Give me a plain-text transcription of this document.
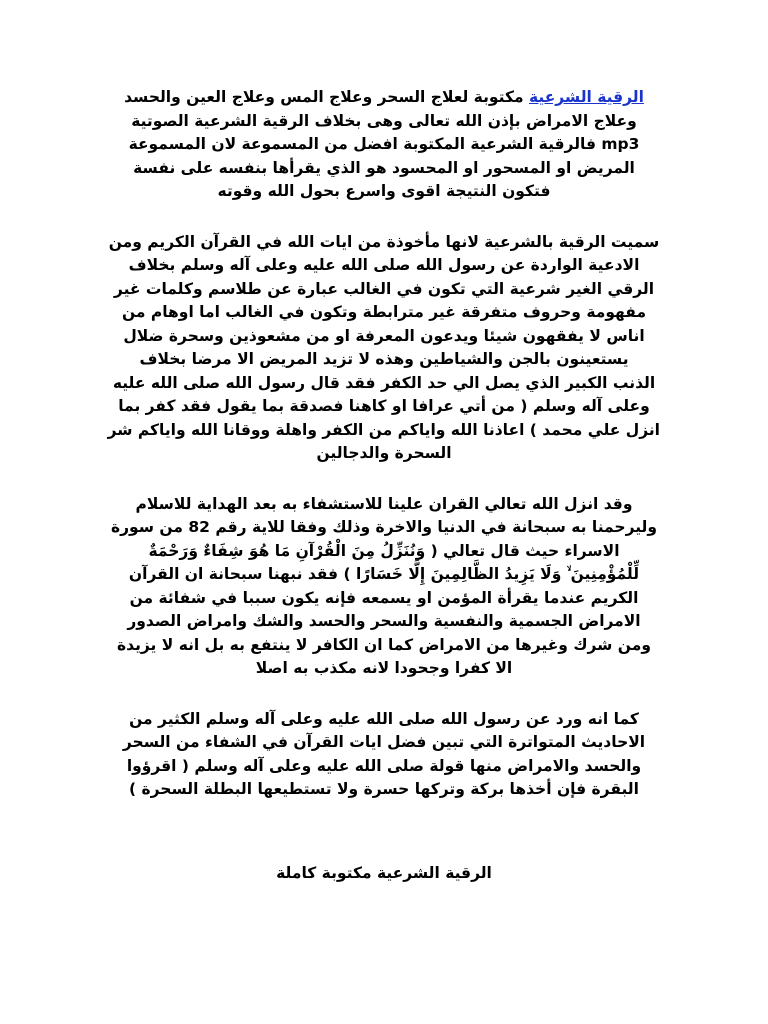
الرقية الشرعية مكتوبة لعلاج السحر وعلاج المس وعلاج العين والحسد
وعلاج الامراض بإذن الله تعالى وهى بخلاف الرقية الشرعية الصوتية
mp3 فالرقية الشرعية المكتوبة افضل من المسموعة لان المسموعة
المريض او المسحور او المحسود هو الذي يقرأها بنفسه على نفسة
فتكون النتيجة اقوى واسرع بحول الله وقوته

سميت الرقية بالشرعية لانها مأخوذة من ايات الله في القرآن الكريم ومن
الادعية الواردة عن رسول الله صلى الله عليه وعلى آله وسلم بخلاف
الرقي الغير شرعية التي تكون في الغالب عبارة عن طلاسم وكلمات غير
مفهومة وحروف متفرقة غير مترابطة وتكون في الغالب اما اوهام من
اناس لا يفقهون شيئا ويدعون المعرفة او من مشعوذين وسحرة ضلال
يستعينون بالجن والشياطين وهذه لا تزيد المريض الا مرضا بخلاف
الذنب الكبير الذي يصل الي حد الكفر فقد قال رسول الله صلى الله عليه
وعلى آله وسلم ( من أتي عرافا او كاهنا فصدقة بما يقول فقد كفر بما
انزل علي محمد ) اعاذنا الله واياكم من الكفر واهلة ووقانا الله واياكم شر
السحرة والدجالين

وقد انزل الله تعالي القران علينا للاستشفاء به بعد الهداية للاسلام
وليرحمنا به سبحانة في الدنيا والاخرة وذلك وفقا للاية رقم 82 من سورة
الاسراء حيث قال تعالي ( وَنُنَزِّلُ مِنَ الْقُرْآنِ مَا هُوَ شِفَاءٌ وَرَحْمَةٌ
لِّلْمُؤْمِنِينَ ۙ وَلَا يَزِيدُ الظَّالِمِينَ إِلَّا خَسَارًا ) فقد نبهنا سبحانة ان القرآن
الكريم عندما يقرأة المؤمن او يسمعه فإنه يكون سببا في شفائة من
الامراض الجسمية والنفسية والسحر والحسد والشك وامراض الصدور
ومن شرك وغيرها من الامراض كما ان الكافر لا ينتفع به بل انه لا يزيدة
الا كفرا وجحودا لانه مكذب به اصلا

كما انه ورد عن رسول الله صلى الله عليه وعلى آله وسلم الكثير من
الاحاديث المتواترة التي تبين فضل ايات القرآن في الشفاء من السحر
والحسد والامراض منها قولة صلى الله عليه وعلى آله وسلم ( اقرؤوا
البقرة فإن أخذها بركة وتركها حسرة ولا تستطيعها البطلة السحرة )

الرقية الشرعية مكتوبة كاملة
